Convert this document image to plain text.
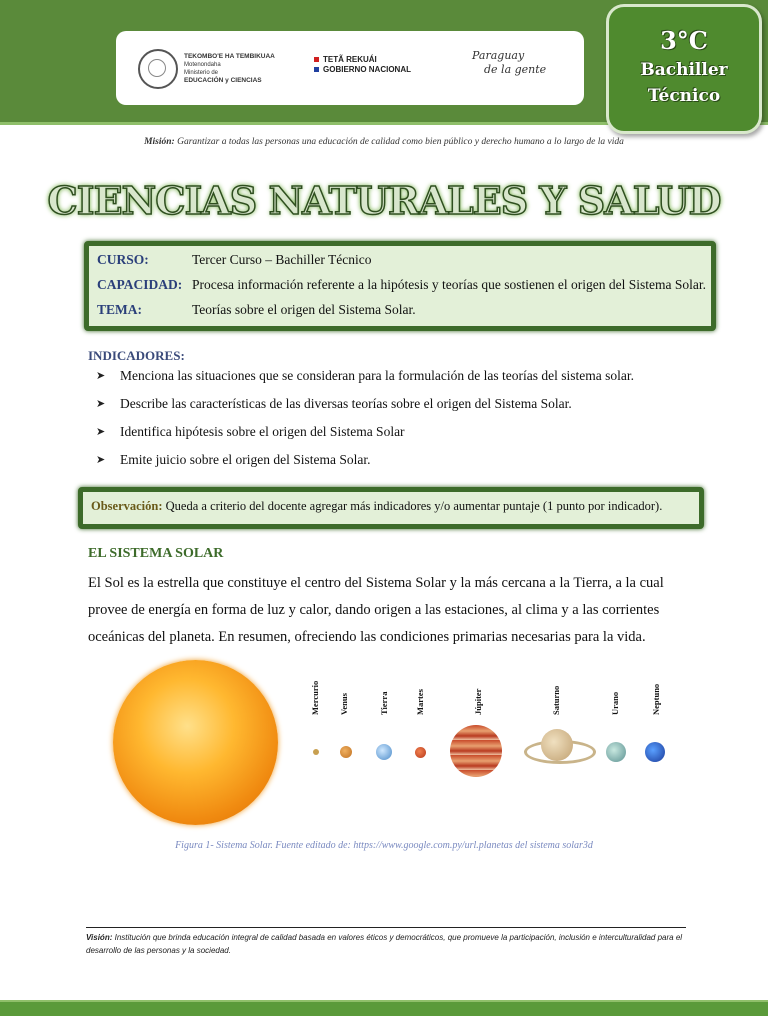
TEKOMBO'E HA TEMBIKUAA
Motenondaha
Ministerio de
EDUCACIÓN y CIENCIAS
TETÃ REKUÁI
GOBIERNO NACIONAL
Paraguay
de la gente
3°C
Bachiller
Técnico
Misión: Garantizar a todas las personas una educación de calidad como bien público y derecho humano a lo largo de la vida
CIENCIAS NATURALES Y SALUD
CURSO:	Tercer Curso – Bachiller Técnico
CAPACIDAD: Procesa información referente a la hipótesis y teorías que sostienen el origen del Sistema Solar.
TEMA:	Teorías sobre el origen del Sistema Solar.
INDICADORES:
➤ Menciona las situaciones que se consideran para la formulación de las teorías del sistema solar.
➤ Describe las características de las diversas teorías sobre el origen del Sistema Solar.
➤ Identifica hipótesis sobre el origen del Sistema Solar
➤ Emite juicio sobre el origen del Sistema Solar.
Observación: Queda a criterio del docente agregar más indicadores y/o aumentar puntaje (1 punto por indicador).
EL SISTEMA SOLAR
El Sol es la estrella que constituye el centro del Sistema Solar y la más cercana a la Tierra, a la cual provee de energía en forma de luz y calor, dando origen a las estaciones, al clima y a las corrientes oceánicas del planeta. En resumen, ofreciendo las condiciones primarias necesarias para la vida.
Mercurio Venus	Tierra	Martes	Júpiter	Saturno	Urano	Neptuno
Figura 1- Sistema Solar. Fuente editado de: https://www.google.com.py/url.planetas del sistema solar3d
Visión: Institución que brinda educación integral de calidad basada en valores éticos y democráticos, que promueve la participación, inclusión e interculturalidad para el desarrollo de las personas y la sociedad.
